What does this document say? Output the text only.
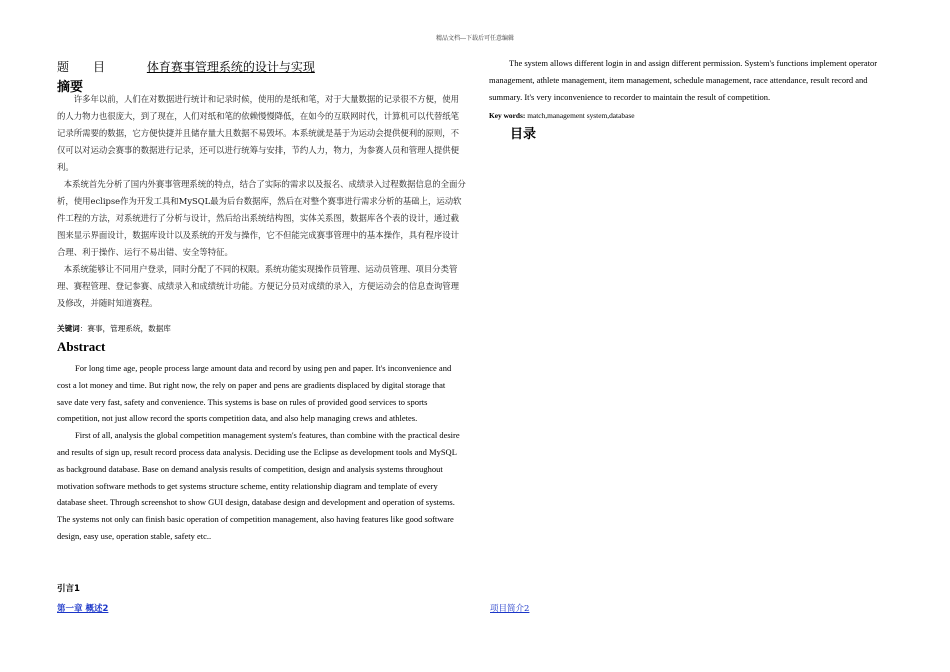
精品文档---下载后可任意编辑
题目 体育赛事管理系统的设计与实现
摘要

许多年以前，人们在对数据进行统计和记录时候，使用的是纸和笔，对于大量数据的记录很不方便，使用的人力物力也很庞大，到了现在，人们对纸和笔的依赖慢慢降低，在如今的互联网时代，计算机可以代替纸笔记录所需要的数据，它方便快捷并且储存量大且数据不易毁坏。本系统就是基于为运动会提供便利的原则，不仅可以对运动会赛事的数据进行记录，还可以进行统筹与安排，节约人力，物力，为参赛人员和管理人提供便利。

本系统首先分析了国内外赛事管理系统的特点，结合了实际的需求以及报名、成绩录入过程数据信息的全面分析，使用eclipse作为开发工具和MySQL最为后台数据库，然后在对整个赛事进行需求分析的基础上，运动软件工程的方法，对系统进行了分析与设计，然后给出系统结构图，实体关系图，数据库各个表的设计，通过截图来显示界面设计，数据库设计以及系统的开发与操作，它不但能完成赛事管理中的基本操作，具有程序设计合理、利于操作、运行不易出错、安全等特征。

本系统能够让不同用户登录，同时分配了不同的权限。系统功能实现操作员管理、运动员管理、项目分类管理、赛程管理、登记参赛、成绩录入和成绩统计功能。方便记分员对成绩的录入，方便运动会的信息查询管理及修改，并随时知道赛程。

关键词：赛事，管理系统，数据库
Abstract

For long time age, people process large amount data and record by using pen and paper. It's inconvenience and cost a lot money and time. But right now, the rely on paper and pens are gradients displaced by digital storage that save date very fast, safety and convenience. This systems is base on rules of provided good services to sports competition, not just allow record the sports competition data, and also help managing crews and athletes.

First of all, analysis the global competition management system's features, than combine with the practical desire and results of sign up, result record process data analysis. Deciding use the Eclipse as development tools and MySQL as background database. Base on demand analysis results of competition, design and analysis systems throughout motivation software methods to get systems structure scheme, entity relationship diagram and template of every database sheet. Through screenshot to show GUI design, database design and development and operation of systems. The systems not only can finish basic operation of competition management, also having features like good software design, easy use, operation stable, safety etc..

引言1
第一章 概述2	项目简介2

The system allows different login in and assign different permission. System's functions implement operator management, athlete management, item management, schedule management, race attendance, result record and summary. It's very inconvenience to recorder to maintain the result of competition.

Key words: match,management system,database
目录
